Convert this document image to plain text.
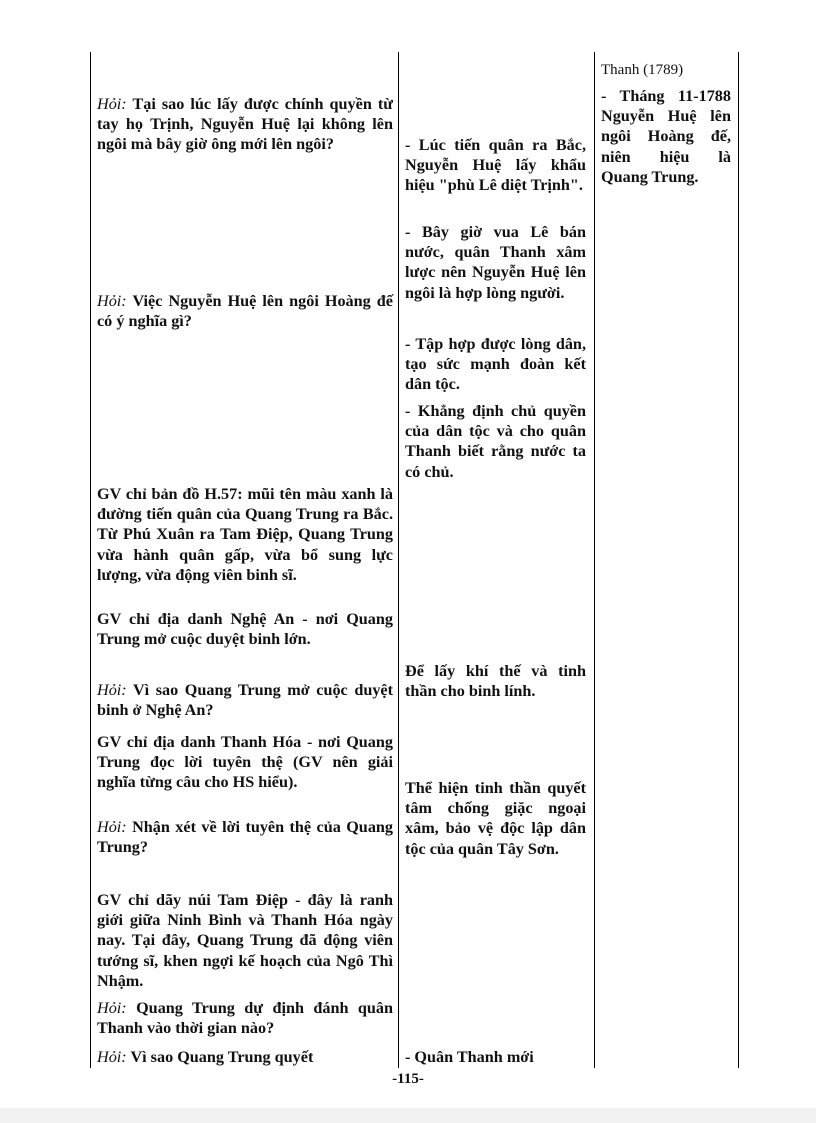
Thanh (1789)
- Tháng 11-1788 Nguyễn Huệ lên ngôi Hoàng đế, niên hiệu là Quang Trung.
Hỏi: Tại sao lúc lấy được chính quyền từ tay họ Trịnh, Nguyễn Huệ lại không lên ngôi mà bây giờ ông mới lên ngôi?
Hỏi: Việc Nguyễn Huệ lên ngôi Hoàng đế có ý nghĩa gì?
GV chỉ bản đồ H.57: mũi tên màu xanh là đường tiến quân của Quang Trung ra Bắc. Từ Phú Xuân ra Tam Điệp, Quang Trung vừa hành quân gấp, vừa bổ sung lực lượng, vừa động viên binh sĩ.
GV chỉ địa danh Nghệ An - nơi Quang Trung mở cuộc duyệt binh lớn.
Hỏi: Vì sao Quang Trung mở cuộc duyệt binh ở Nghệ An?
GV chỉ địa danh Thanh Hóa - nơi Quang Trung đọc lời tuyên thệ (GV nên giải nghĩa từng câu cho HS hiểu).
Hỏi: Nhận xét về lời tuyên thệ của Quang Trung?
GV chỉ dãy núi Tam Điệp - đây là ranh giới giữa Ninh Bình và Thanh Hóa ngày nay. Tại đây, Quang Trung đã động viên tướng sĩ, khen ngợi kế hoạch của Ngô Thì Nhậm.
Hỏi: Quang Trung dự định đánh quân Thanh vào thời gian nào?
Hỏi: Vì sao Quang Trung quyết
- Lúc tiến quân ra Bắc, Nguyễn Huệ lấy khẩu hiệu "phù Lê diệt Trịnh".
- Bây giờ vua Lê bán nước, quân Thanh xâm lược nên Nguyễn Huệ lên ngôi là hợp lòng người.
- Tập hợp được lòng dân, tạo sức mạnh đoàn kết dân tộc.
- Khẳng định chủ quyền của dân tộc và cho quân Thanh biết rằng nước ta có chủ.
Để lấy khí thế và tinh thần cho binh lính.
Thể hiện tinh thần quyết tâm chống giặc ngoại xâm, bảo vệ độc lập dân tộc của quân Tây Sơn.
- Quân Thanh mới
-115-
